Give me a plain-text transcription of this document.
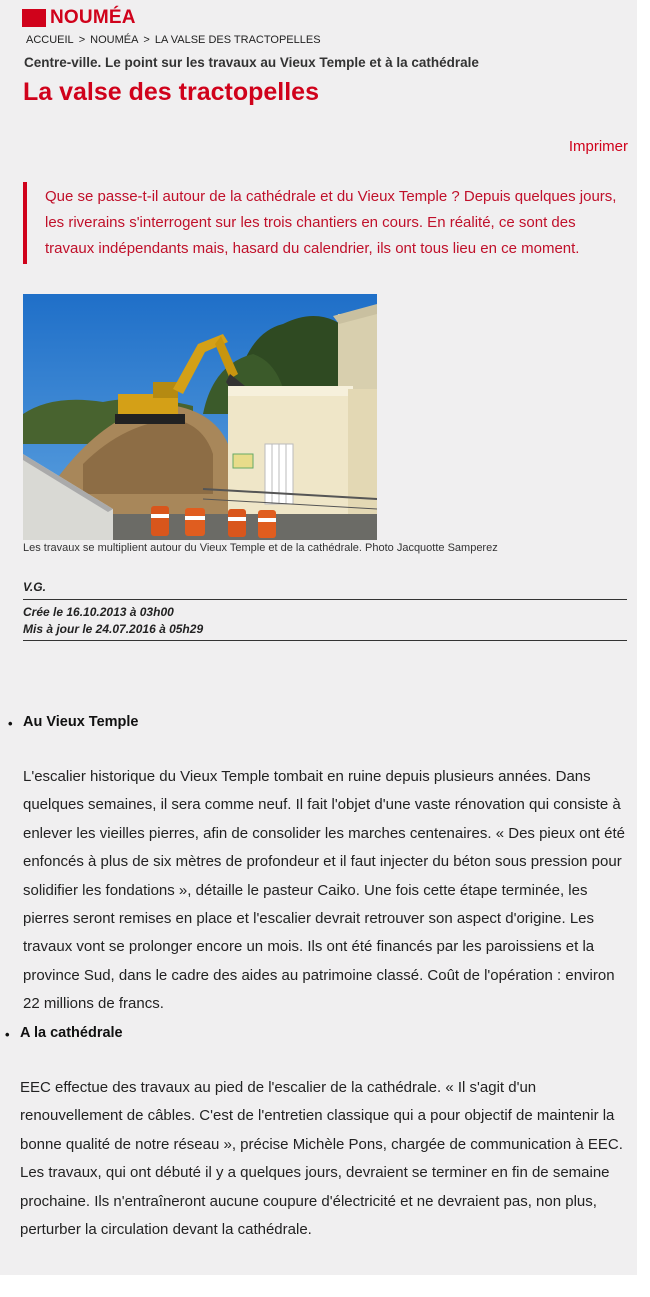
NOUMÉA
ACCUEIL > NOUMÉA > LA VALSE DES TRACTOPELLES
Centre-ville. Le point sur les travaux au Vieux Temple et à la cathédrale
La valse des tractopelles
Imprimer
Que se passe-t-il autour de la cathédrale et du Vieux Temple ? Depuis quelques jours, les riverains s'interrogent sur les trois chantiers en cours. En réalité, ce sont des travaux indépendants mais, hasard du calendrier, ils ont tous lieu en ce moment.
Les travaux se multiplient autour du Vieux Temple et de la cathédrale. Photo Jacquotte Samperez
V.G.
Crée le 16.10.2013 à 03h00
Mis à jour le 24.07.2016 à 05h29
• Au Vieux Temple
L'escalier historique du Vieux Temple tombait en ruine depuis plusieurs années. Dans quelques semaines, il sera comme neuf. Il fait l'objet d'une vaste rénovation qui consiste à enlever les vieilles pierres, afin de consolider les marches centenaires. « Des pieux ont été enfoncés à plus de six mètres de profondeur et il faut injecter du béton sous pression pour solidifier les fondations », détaille le pasteur Caiko. Une fois cette étape terminée, les pierres seront remises en place et l'escalier devrait retrouver son aspect d'origine. Les travaux vont se prolonger encore un mois. Ils ont été financés par les paroissiens et la province Sud, dans le cadre des aides au patrimoine classé. Coût de l'opération : environ 22 millions de francs.
• A la cathédrale
EEC effectue des travaux au pied de l'escalier de la cathédrale. « Il s'agit d'un renouvellement de câbles. C'est de l'entretien classique qui a pour objectif de maintenir la bonne qualité de notre réseau », précise Michèle Pons, chargée de communication à EEC. Les travaux, qui ont débuté il y a quelques jours, devraient se terminer en fin de semaine prochaine. Ils n'entraîneront aucune coupure d'électricité et ne devraient pas, non plus, perturber la circulation devant la cathédrale.
